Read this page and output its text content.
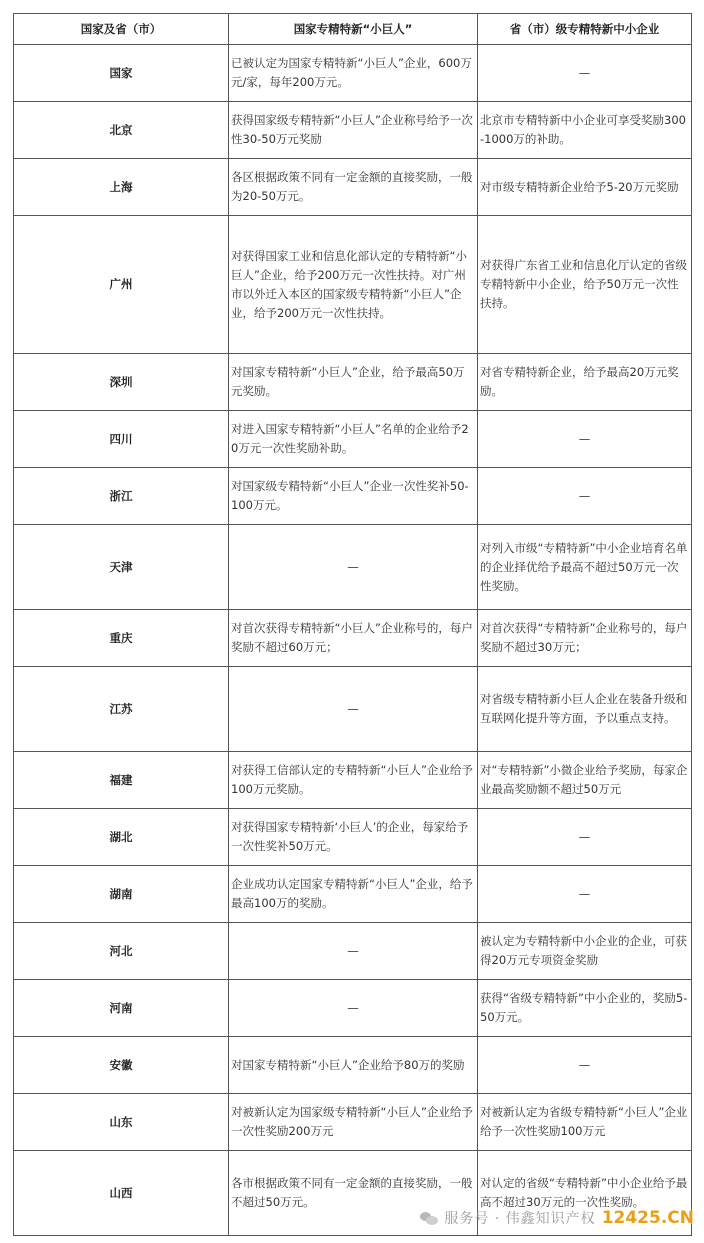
国家及省（市）	国家专精特新“小巨人”	省（市）级专精特新中小企业
国家	已被认定为国家专精特新“小巨人”企业，600万元/家，每年200万元。	—
北京	获得国家级专精特新“小巨人”企业称号给予一次性30-50万元奖励	北京市专精特新中小企业可享受奖励300-1000万的补助。
上海	各区根据政策不同有一定金额的直接奖励，一般为20-50万元。	对市级专精特新企业给予5-20万元奖励
广州	对获得国家工业和信息化部认定的专精特新“小巨人”企业，给予200万元一次性扶持。对广州市以外迁入本区的国家级专精特新“小巨人”企业，给予200万元一次性扶持。	对获得广东省工业和信息化厅认定的省级专精特新中小企业，给予50万元一次性扶持。
深圳	对国家专精特新“小巨人”企业，给予最高50万元奖励。	对省专精特新企业，给予最高20万元奖励。
四川	对进入国家专精特新“小巨人”名单的企业给予20万元一次性奖励补助。	—
浙江	对国家级专精特新“小巨人”企业一次性奖补50-100万元。	—
天津	—	对列入市级“专精特新”中小企业培育名单的企业择优给予最高不超过50万元一次性奖励。
重庆	对首次获得专精特新“小巨人”企业称号的，每户奖励不超过60万元；	对首次获得“专精特新”企业称号的，每户奖励不超过30万元；
江苏	—	对省级专精特新小巨人企业在装备升级和互联网化提升等方面，予以重点支持。
福建	对获得工信部认定的专精特新“小巨人”企业给予100万元奖励。	对“专精特新”小微企业给予奖励，每家企业最高奖励额不超过50万元
湖北	对获得国家专精特新‘小巨人’的企业，每家给予一次性奖补50万元。	—
湖南	企业成功认定国家专精特新“小巨人”企业，给予最高100万的奖励。	—
河北	—	被认定为专精特新中小企业的企业，可获得20万元专项资金奖励
河南	—	获得“省级专精特新”中小企业的，奖励5-50万元。
安徽	对国家专精特新“小巨人”企业给予80万的奖励	—
山东	对被新认定为国家级专精特新“小巨人”企业给予一次性奖励200万元	对被新认定为省级专精特新“小巨人”企业给予一次性奖励100万元
山西	各市根据政策不同有一定金额的直接奖励，一般不超过50万元。	对认定的省级“专精特新”中小企业给予最高不超过30万元的一次性奖励。
服务号 · 伟鑫知识产权 12425.CN
